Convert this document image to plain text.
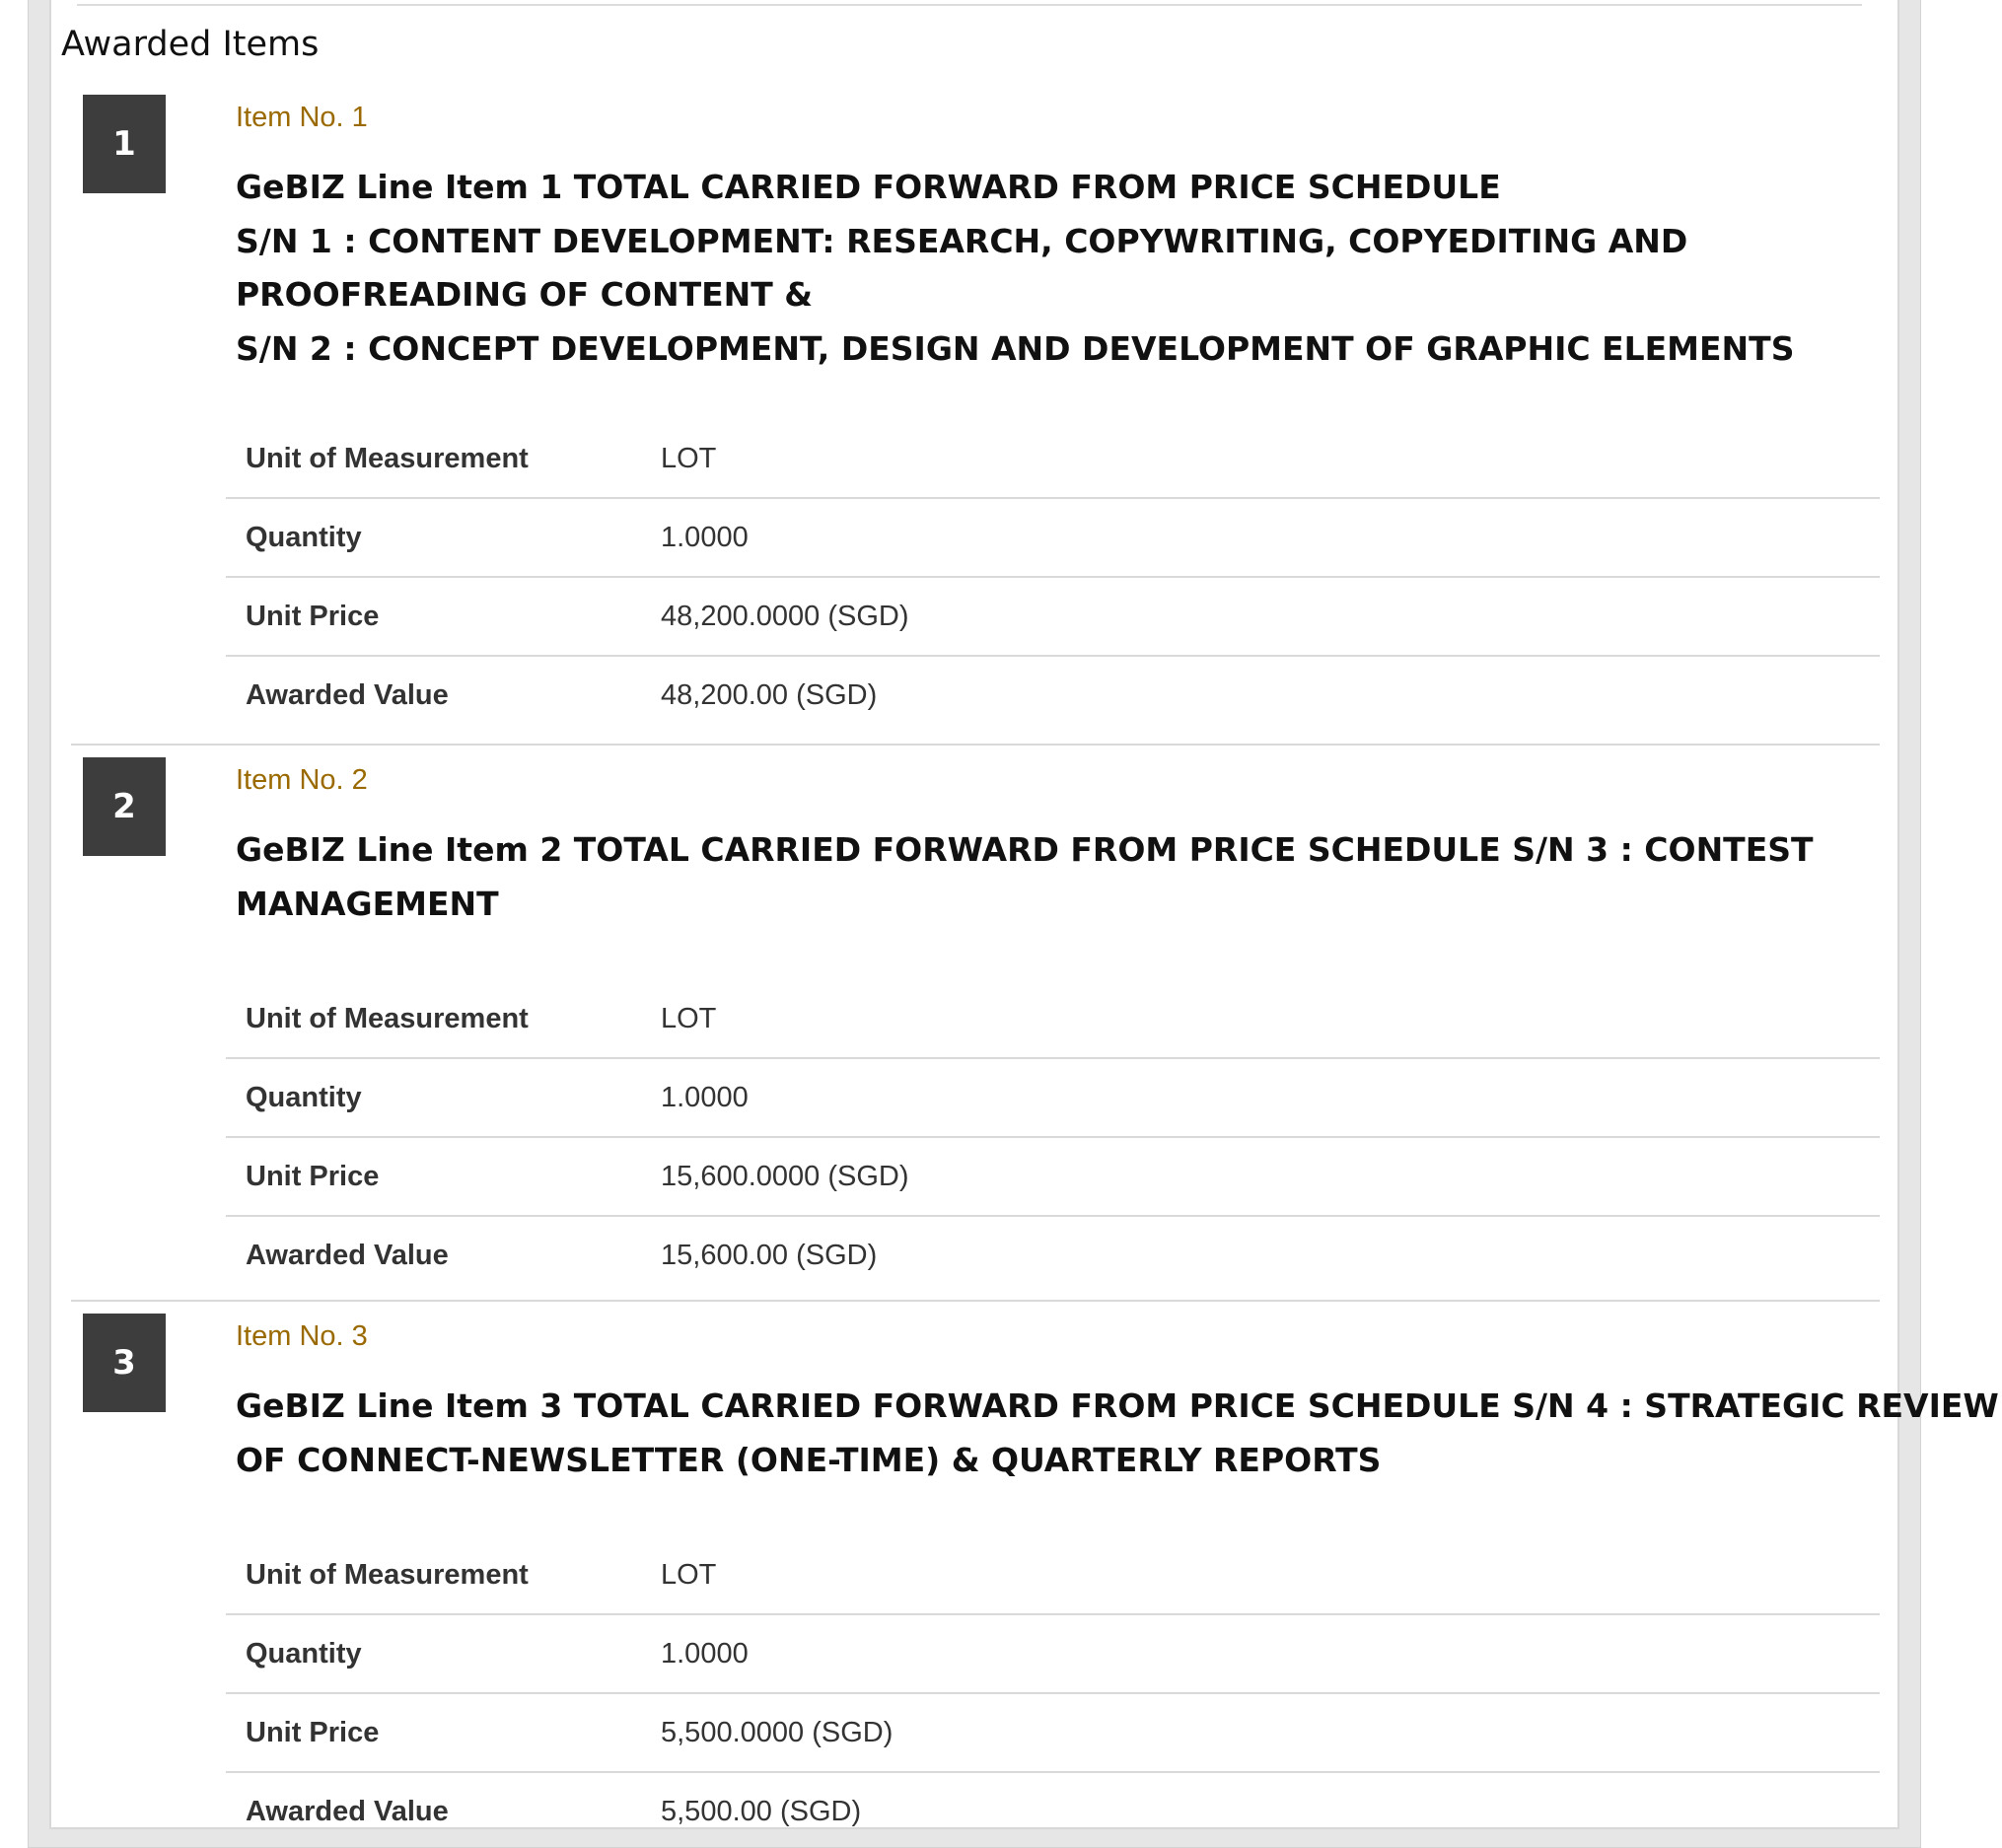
Awarded Items
1
Item No. 1
GeBIZ Line Item 1 TOTAL CARRIED FORWARD FROM PRICE SCHEDULE
S/N 1 : CONTENT DEVELOPMENT: RESEARCH, COPYWRITING, COPYEDITING AND
PROOFREADING OF CONTENT &
S/N 2 : CONCEPT DEVELOPMENT, DESIGN AND DEVELOPMENT OF GRAPHIC ELEMENTS
Unit of Measurement	LOT
Quantity	1.0000
Unit Price	48,200.0000 (SGD)
Awarded Value	48,200.00 (SGD)
2
Item No. 2
GeBIZ Line Item 2 TOTAL CARRIED FORWARD FROM PRICE SCHEDULE S/N 3 : CONTEST
MANAGEMENT
Unit of Measurement	LOT
Quantity	1.0000
Unit Price	15,600.0000 (SGD)
Awarded Value	15,600.00 (SGD)
3
Item No. 3
GeBIZ Line Item 3 TOTAL CARRIED FORWARD FROM PRICE SCHEDULE S/N 4 : STRATEGIC REVIEW
OF CONNECT-NEWSLETTER (ONE-TIME) & QUARTERLY REPORTS
Unit of Measurement	LOT
Quantity	1.0000
Unit Price	5,500.0000 (SGD)
Awarded Value	5,500.00 (SGD)
